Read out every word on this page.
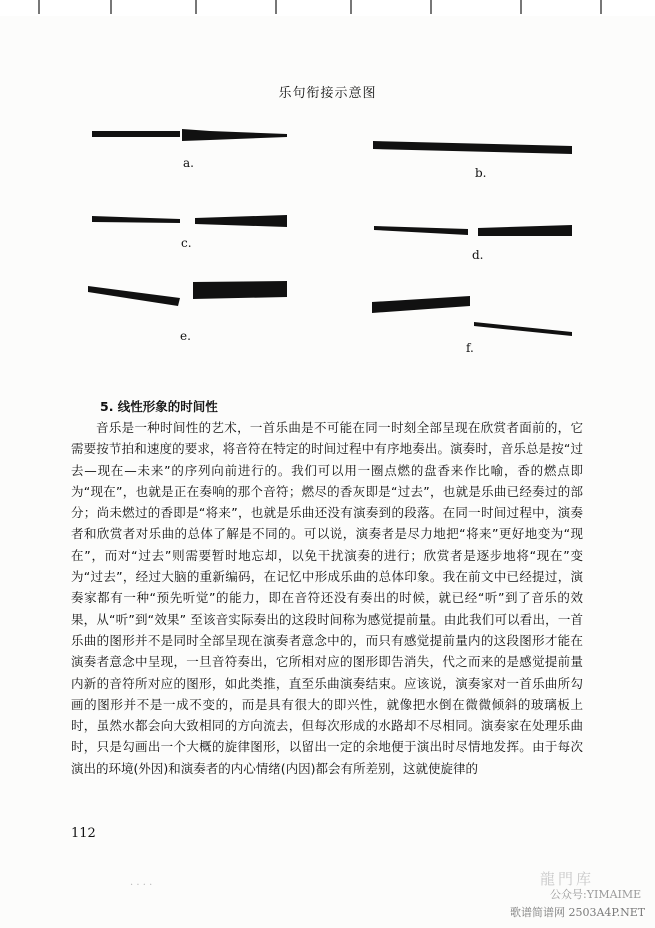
乐句衔接示意图
a.
b.
c.
d.
e.
f.
5. 线性形象的时间性
音乐是一种时间性的艺术，一首乐曲是不可能在同一时刻全部呈现在欣赏者面前的，它需要按节拍和速度的要求，将音符在特定的时间过程中有序地奏出。演奏时，音乐总是按“过去—现在—未来”的序列向前进行的。我们可以用一圈点燃的盘香来作比喻，香的燃点即为“现在”，也就是正在奏响的那个音符；燃尽的香灰即是“过去”，也就是乐曲已经奏过的部分；尚未燃过的香即是“将来”，也就是乐曲还没有演奏到的段落。在同一时间过程中，演奏者和欣赏者对乐曲的总体了解是不同的。可以说，演奏者是尽力地把“将来”更好地变为“现在”，而对“过去”则需要暂时地忘却，以免干扰演奏的进行；欣赏者是逐步地将“现在”变为“过去”，经过大脑的重新编码，在记忆中形成乐曲的总体印象。我在前文中已经提过，演奏家都有一种“预先听觉”的能力，即在音符还没有奏出的时候，就已经“听”到了音乐的效果，从“听”到“效果” 至该音实际奏出的这段时间称为感觉提前量。由此我们可以看出，一首乐曲的图形并不是同时全部呈现在演奏者意念中的，而只有感觉提前量内的这段图形才能在演奏者意念中呈现，一旦音符奏出，它所相对应的图形即告消失，代之而来的是感觉提前量内新的音符所对应的图形，如此类推，直至乐曲演奏结束。应该说，演奏家对一首乐曲所勾画的图形并不是一成不变的，而是具有很大的即兴性，就像把水倒在微微倾斜的玻璃板上时，虽然水都会向大致相同的方向流去，但每次形成的水路却不尽相同。演奏家在处理乐曲时，只是勾画出一个大概的旋律图形，以留出一定的余地便于演出时尽情地发挥。由于每次演出的环境(外因)和演奏者的内心情绪(内因)都会有所差别，这就使旋律的
112
· · · ·	龍門库
公众号:YIMAIME
歌谱简谱网 2503A4P.NET
